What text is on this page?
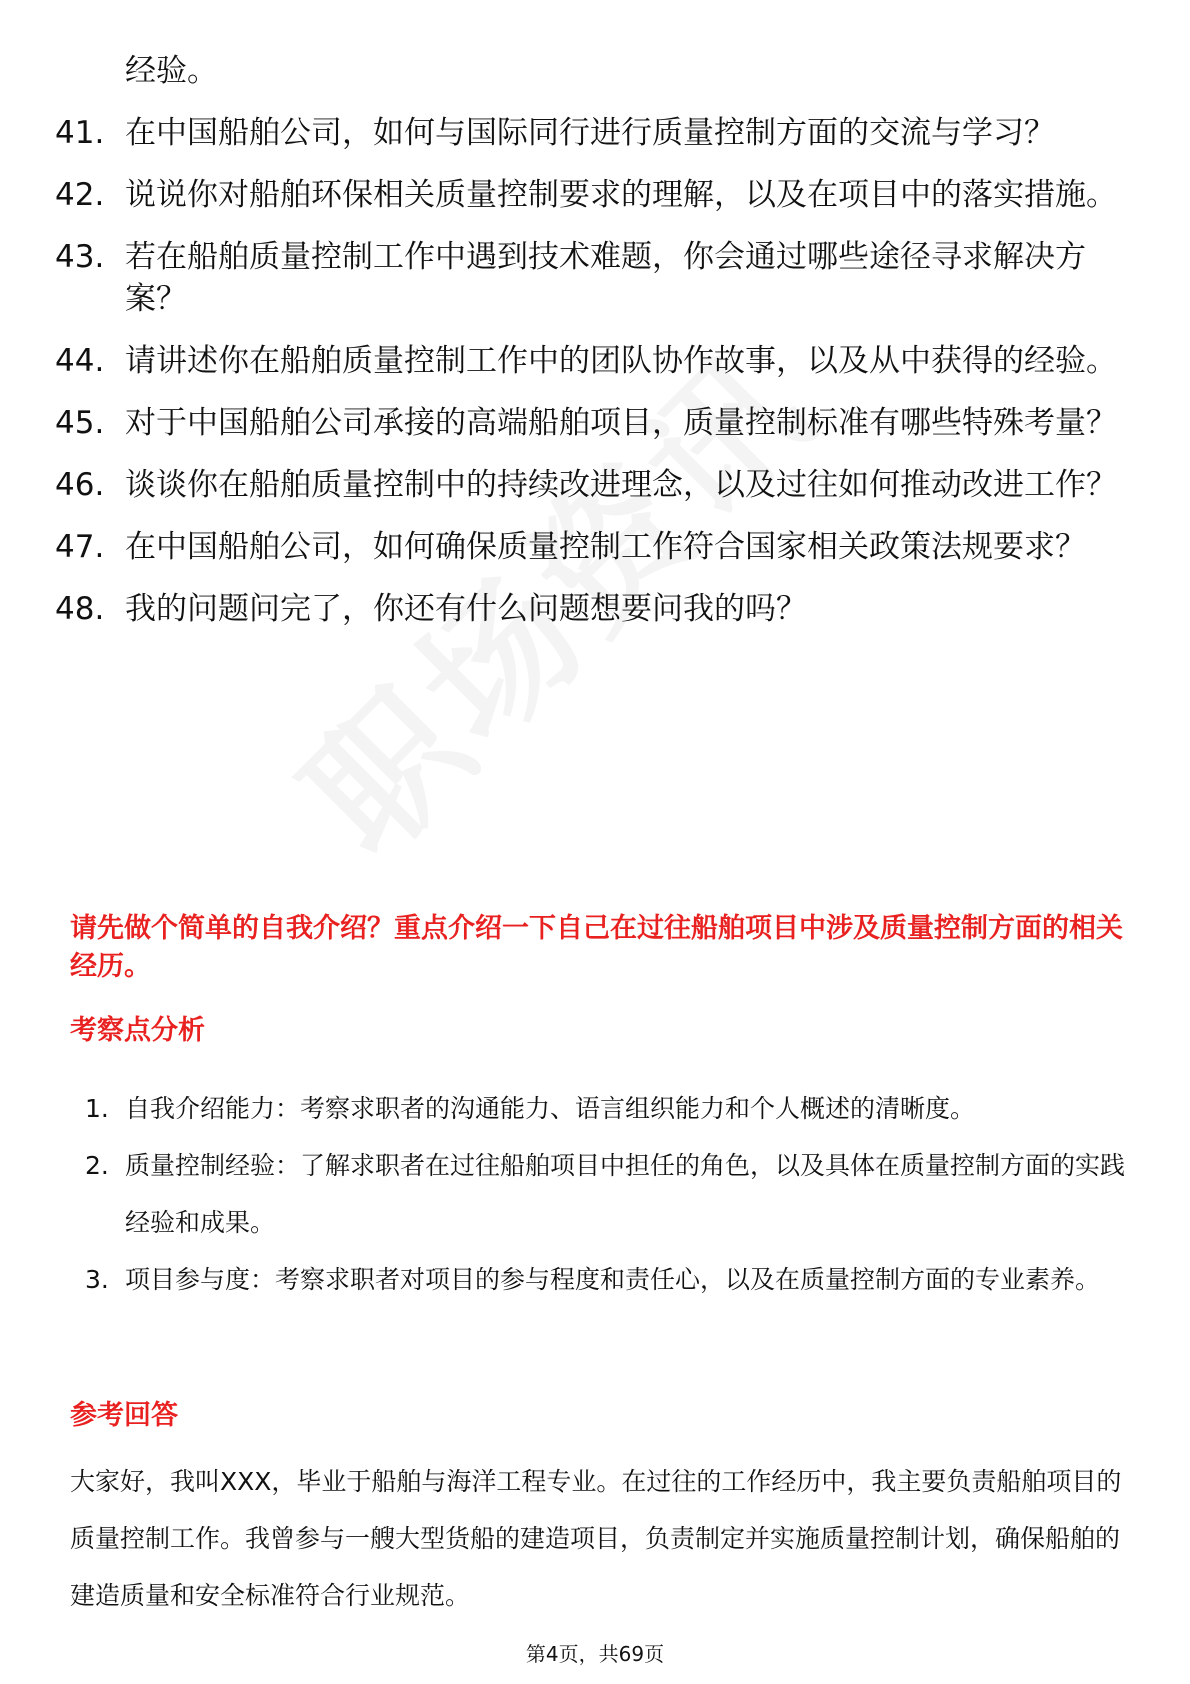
经验。
41. 在中国船舶公司，如何与国际同行进行质量控制方面的交流与学习？
42. 说说你对船舶环保相关质量控制要求的理解，以及在项目中的落实措施。
43. 若在船舶质量控制工作中遇到技术难题，你会通过哪些途径寻求解决方案？
44. 请讲述你在船舶质量控制工作中的团队协作故事，以及从中获得的经验。
45. 对于中国船舶公司承接的高端船舶项目，质量控制标准有哪些特殊考量？
46. 谈谈你在船舶质量控制中的持续改进理念，以及过往如何推动改进工作？
47. 在中国船舶公司，如何确保质量控制工作符合国家相关政策法规要求？
48. 我的问题问完了，你还有什么问题想要问我的吗？
请先做个简单的自我介绍？重点介绍一下自己在过往船舶项目中涉及质量控制方面的相关经历。
考察点分析
1. 自我介绍能力：考察求职者的沟通能力、语言组织能力和个人概述的清晰度。
2. 质量控制经验：了解求职者在过往船舶项目中担任的角色，以及具体在质量控制方面的实践经验和成果。
3. 项目参与度：考察求职者对项目的参与程度和责任心，以及在质量控制方面的专业素养。
参考回答
大家好，我叫XXX，毕业于船舶与海洋工程专业。在过往的工作经历中，我主要负责船舶项目的质量控制工作。我曾参与一艘大型货船的建造项目，负责制定并实施质量控制计划，确保船舶的建造质量和安全标准符合行业规范。
第4页，共69页
